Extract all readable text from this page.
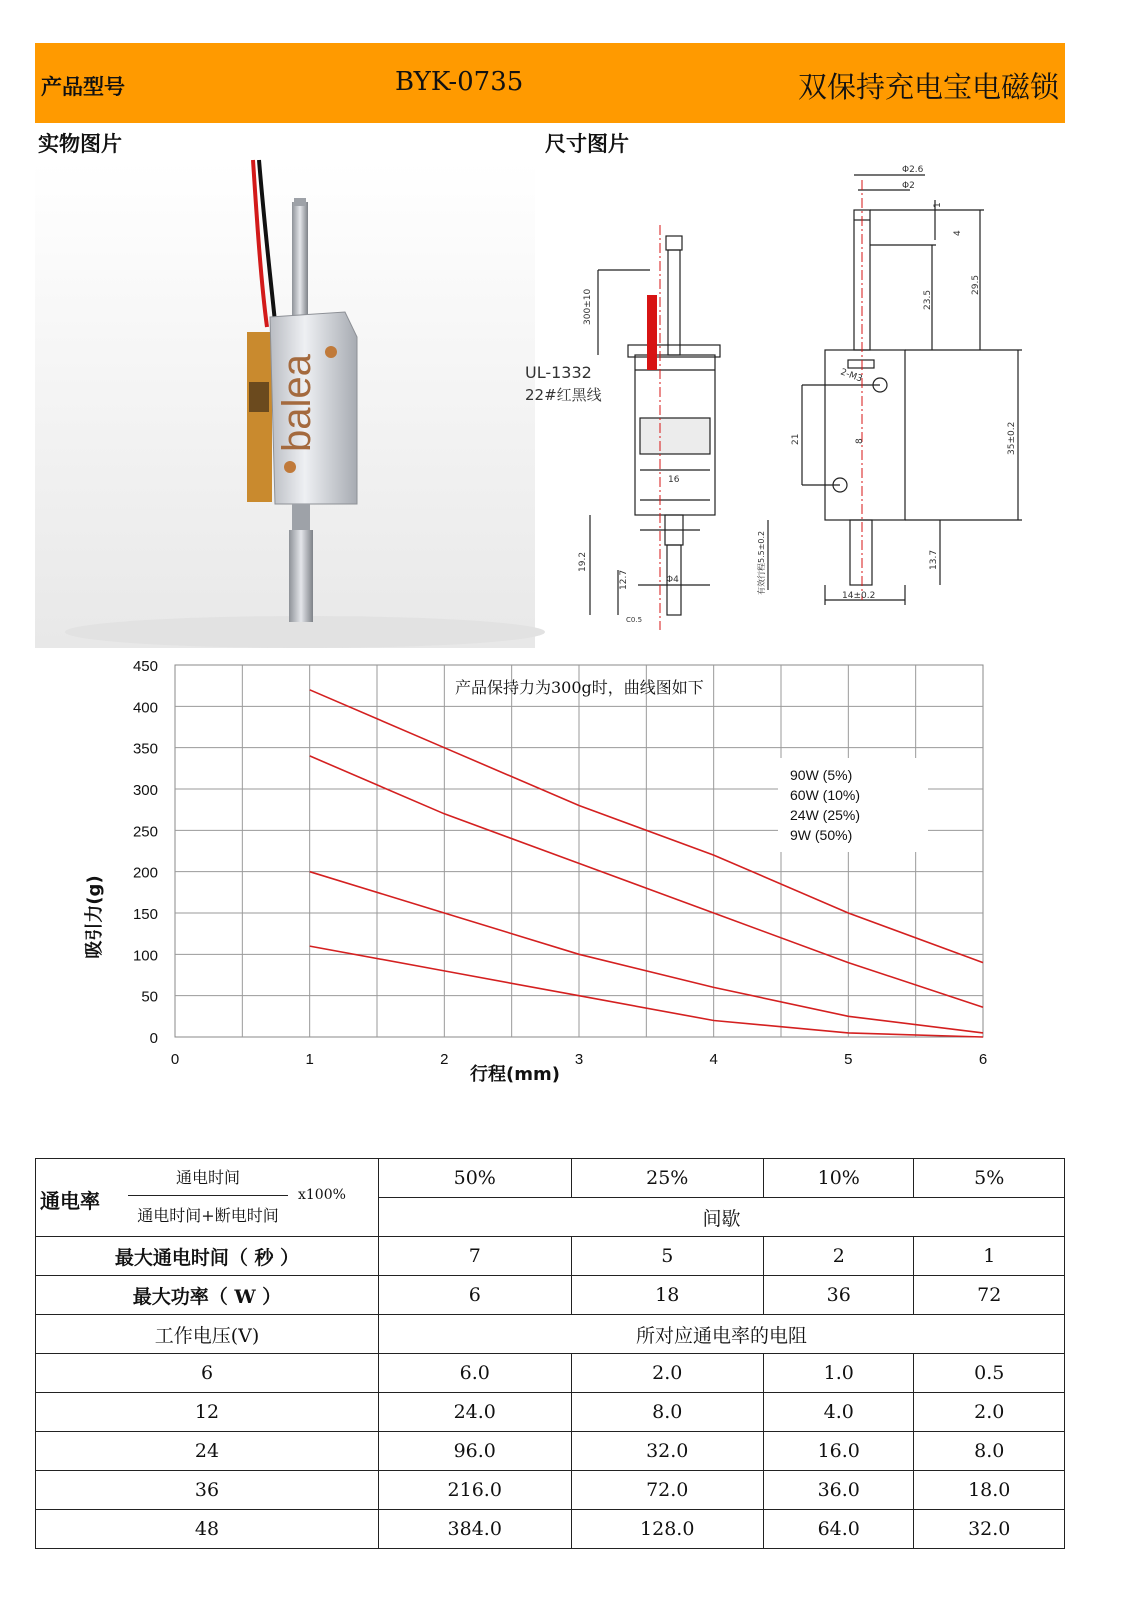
产品型号	BYK-0735	双保持充电宝电磁锁
实物图片	尺寸图片
balea
300±10
UL-1332
22#红黑线
16
19.2
12.7	Φ4
C0.5
Φ2.6
Φ2
1
4
23.5
29.5
2-M3
21	8	35±0.2
有效行程5.5±0.2	13.7
14±0.2
0	1	2	3	4	5	6
0
50
100
150
200
250
300
350
400
450
产品保持力为300g时，曲线图如下
吸引力(g)
行程(mm)
90W (5%)
60W (10%)
24W (25%)
9W (50%)
通电率
通电时间
通电时间+断电时间
x100%	50%	25%	10%	5%
	间歇			
最大通电时间（ 秒 ）	7	5	2	1
最大功率（ W ）	6	18	36	72
工作电压(V)	所对应通电率的电阻			
6	6.0	2.0	1.0	0.5
12	24.0	8.0	4.0	2.0
24	96.0	32.0	16.0	8.0
36	216.0	72.0	36.0	18.0
48	384.0	128.0	64.0	32.0
